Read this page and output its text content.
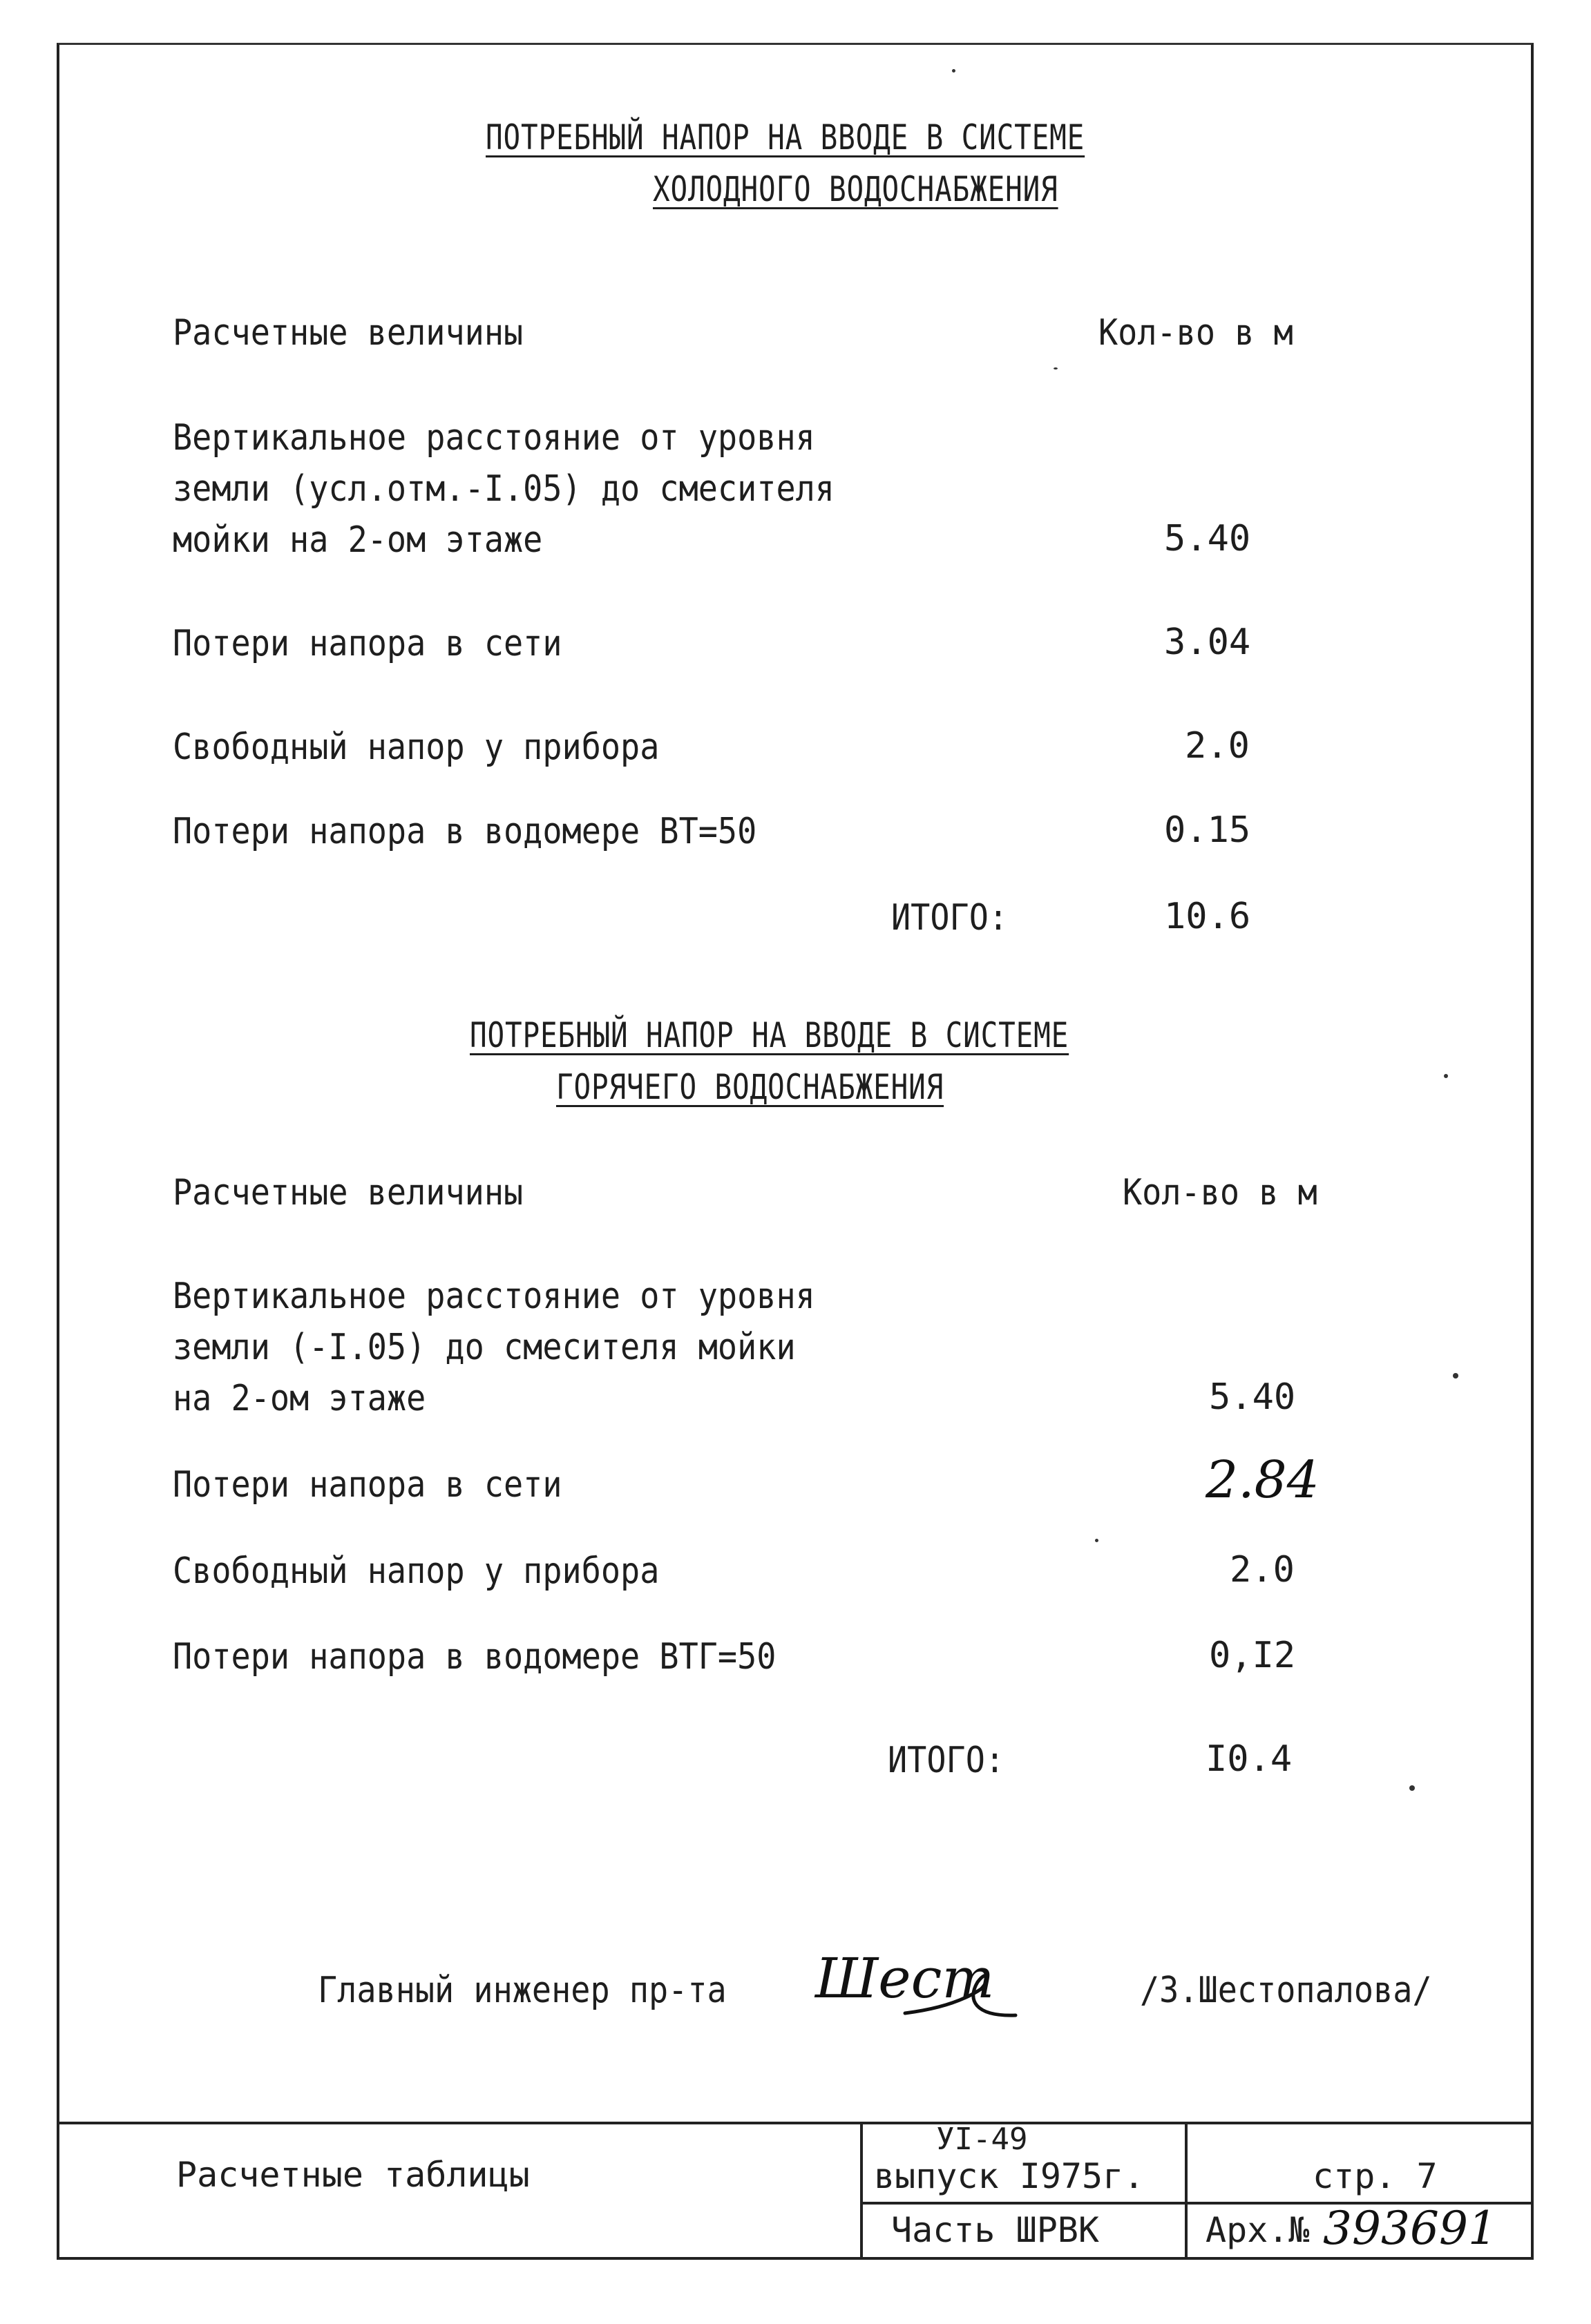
ПОТРЕБНЫЙ НАПОР НА ВВОДЕ В СИСТЕМЕ
ХОЛОДНОГО ВОДОСНАБЖЕНИЯ
Расчетные величины	Кол-во в м
Вертикальное расстояние от уровня
земли (усл.отм.-I.05) до смесителя
мойки на 2-ом этаже	5.40
Потери напора в сети	3.04
Свободный напор у прибора	2.0
Потери напора в водомере ВТ=50	0.15
ИТОГО:	10.6
ПОТРЕБНЫЙ НАПОР НА ВВОДЕ В СИСТЕМЕ
ГОРЯЧЕГО ВОДОСНАБЖЕНИЯ
Расчетные величины	Кол-во в м
Вертикальное расстояние от уровня
земли (-I.05) до смесителя мойки
на 2-ом этаже	5.40
Потери напора в сети	2.84
Свободный напор у прибора	2.0
Потери напора в водомере ВТГ=50	0,I2
ИТОГО:	I0.4
Главный инженер пр-та Шест	/З.Шестопалова/
Расчетные таблицы
УI-49
выпуск I975г.
Часть ШРВК
стр. 7
Арх.№ 393691
